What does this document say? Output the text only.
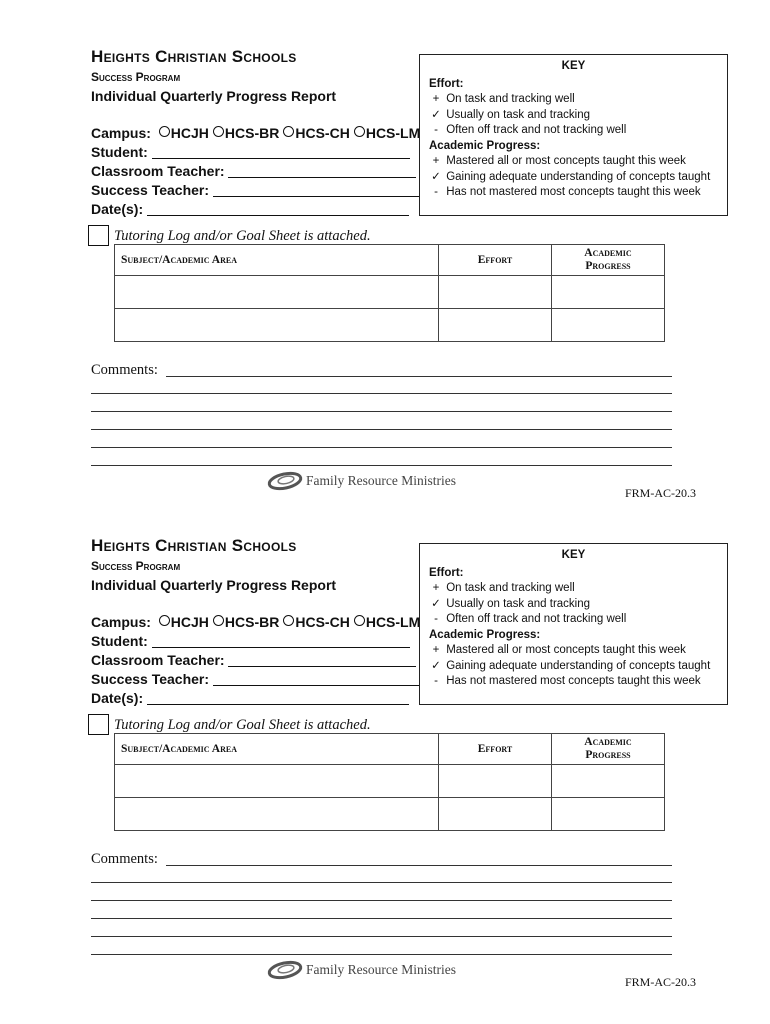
Heights Christian Schools
Success Program
Individual Quarterly Progress Report
Campus: HCJH HCS-BR HCS-CH HCS-LM
Student:
Classroom Teacher:
Success Teacher:
Date(s):
KEY
Effort:
+ On task and tracking well
✓ Usually on task and tracking
- Often off track and not tracking well
Academic Progress:
+ Mastered all or most concepts taught this week
✓ Gaining adequate understanding of concepts taught
- Has not mastered most concepts taught this week
Tutoring Log and/or Goal Sheet is attached.
Subject/Academic Area	Effort	Academic
Progress

Comments:
Family Resource Ministries
FRM-AC-20.3
Heights Christian Schools
Success Program
Individual Quarterly Progress Report
Campus: HCJH HCS-BR HCS-CH HCS-LM
Student:
Classroom Teacher:
Success Teacher:
Date(s):
KEY
Effort:
+ On task and tracking well
✓ Usually on task and tracking
- Often off track and not tracking well
Academic Progress:
+ Mastered all or most concepts taught this week
✓ Gaining adequate understanding of concepts taught
- Has not mastered most concepts taught this week
Tutoring Log and/or Goal Sheet is attached.
Subject/Academic Area	Effort	Academic
Progress

Comments:
Family Resource Ministries
FRM-AC-20.3
